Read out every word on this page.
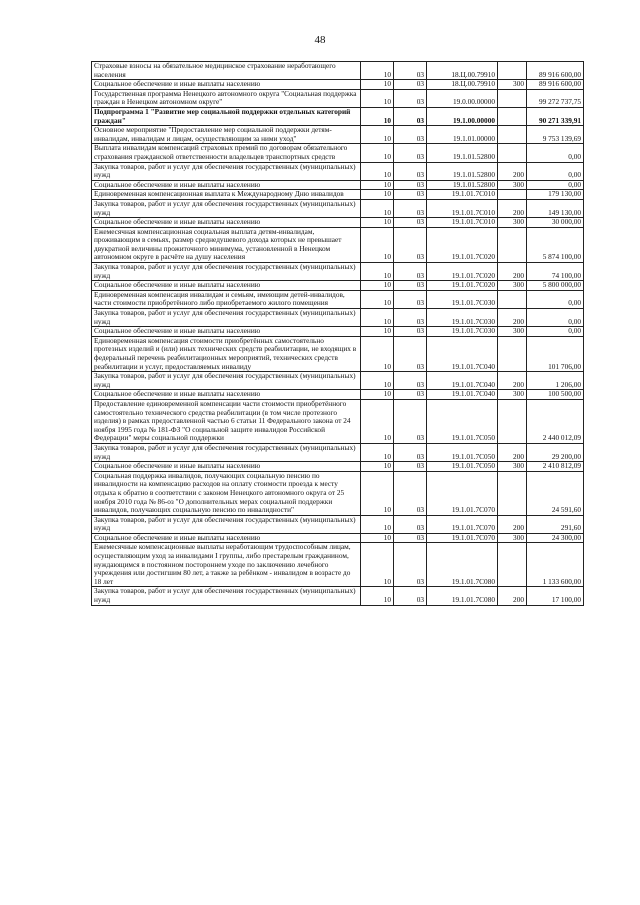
48
Страховые взносы на обязательное медицинское страхование неработающего населения	10	03	18.Ц.00.79910		89 916 600,00
Социальное обеспечение и иные выплаты населению	10	03	18.Ц.00.79910	300	89 916 600,00
Государственная программа Ненецкого автономного округа "Социальная поддержка граждан в Ненецком автономном округе"	10	03	19.0.00.00000		99 272 737,75
Подпрограмма 1 "Развитие мер социальной поддержки отдельных категорий граждан"	10	03	19.1.00.00000		90 271 339,91
Основное мероприятие "Предоставление мер социальной поддержки детям-инвалидам, инвалидам и лицам, осуществляющим за ними уход"	10	03	19.1.01.00000		9 753 139,69
Выплата инвалидам компенсаций страховых премий по договорам обязательного страхования гражданской ответственности владельцев транспортных средств	10	03	19.1.01.52800		0,00
Закупка товаров, работ и услуг для обеспечения государственных (муниципальных) нужд	10	03	19.1.01.52800	200	0,00
Социальное обеспечение и иные выплаты населению	10	03	19.1.01.52800	300	0,00
Единовременная компенсационная выплата к Международному Дню инвалидов	10	03	19.1.01.7С010		179 130,00
Закупка товаров, работ и услуг для обеспечения государственных (муниципальных) нужд	10	03	19.1.01.7С010	200	149 130,00
Социальное обеспечение и иные выплаты населению	10	03	19.1.01.7С010	300	30 000,00
Ежемесячная компенсационная социальная выплата детям-инвалидам, проживающим в семьях, размер среднедушевого дохода которых не превышает двукратной величины прожиточного минимума, установленной в Ненецком автономном округе в расчёте на душу населения	10	03	19.1.01.7С020		5 874 100,00
Закупка товаров, работ и услуг для обеспечения государственных (муниципальных) нужд	10	03	19.1.01.7С020	200	74 100,00
Социальное обеспечение и иные выплаты населению	10	03	19.1.01.7С020	300	5 800 000,00
Единовременная компенсация инвалидам и семьям, имеющим детей-инвалидов, части стоимости приобретённого либо приобретаемого жилого помещения	10	03	19.1.01.7С030		0,00
Закупка товаров, работ и услуг для обеспечения государственных (муниципальных) нужд	10	03	19.1.01.7С030	200	0,00
Социальное обеспечение и иные выплаты населению	10	03	19.1.01.7С030	300	0,00
Единовременная компенсация стоимости приобретённых самостоятельно протезных изделий и (или) иных технических средств реабилитации, не входящих в федеральный перечень реабилитационных мероприятий, технических средств реабилитации и услуг, предоставляемых инвалиду	10	03	19.1.01.7С040		101 706,00
Закупка товаров, работ и услуг для обеспечения государственных (муниципальных) нужд	10	03	19.1.01.7С040	200	1 206,00
Социальное обеспечение и иные выплаты населению	10	03	19.1.01.7С040	300	100 500,00
Предоставление единовременной компенсации части стоимости приобретённого самостоятельно технического средства реабилитации (в том числе протезного изделия) в рамках предоставленной частью 6 статьи 11 Федерального закона от 24 ноября 1995 года № 181-ФЗ "О социальной защите инвалидов Российской Федерации" меры социальной поддержки	10	03	19.1.01.7С050		2 440 012,09
Закупка товаров, работ и услуг для обеспечения государственных (муниципальных) нужд	10	03	19.1.01.7С050	200	29 200,00
Социальное обеспечение и иные выплаты населению	10	03	19.1.01.7С050	300	2 410 812,09
Социальная поддержка инвалидов, получающих социальную пенсию по инвалидности на компенсацию расходов на оплату стоимости проезда к месту отдыха к обратно в соответствии с законом Ненецкого автономного округа от 25 ноября 2010 года № 86-оз "О дополнительных мерах социальной поддержки инвалидов, получающих социальную пенсию по инвалидности"	10	03	19.1.01.7С070		24 591,60
Закупка товаров, работ и услуг для обеспечения государственных (муниципальных) нужд	10	03	19.1.01.7С070	200	291,60
Социальное обеспечение и иные выплаты населению	10	03	19.1.01.7С070	300	24 300,00
Ежемесячные компенсационные выплаты неработающим трудоспособным лицам, осуществляющим уход за инвалидами I группы, либо престарелым гражданином, нуждающимся в постоянном постороннем уходе по заключению лечебного учреждения или достигшим 80 лет, а также за ребёнком - инвалидом в возрасте до 18 лет	10	03	19.1.01.7С080		1 133 600,00
Закупка товаров, работ и услуг для обеспечения государственных (муниципальных) нужд	10	03	19.1.01.7С080	200	17 100,00
